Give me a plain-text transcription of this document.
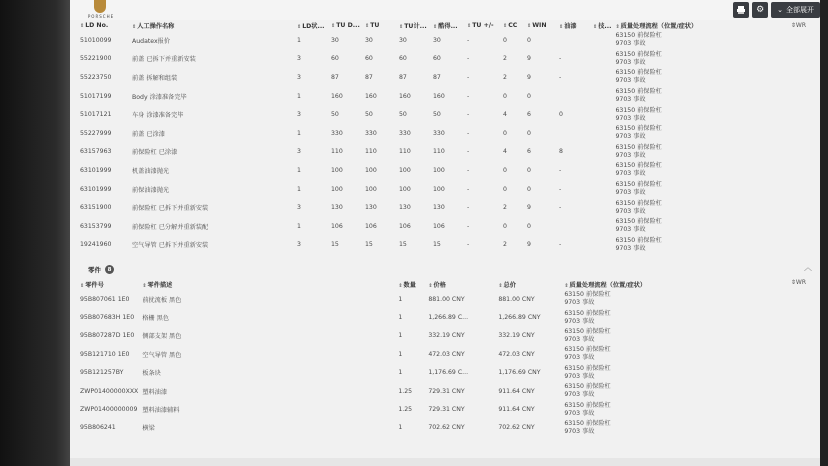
PORSCHE
⚙ ⌄ 全部展开
⇕LD No.	⇕人工操作名称	⇕LD状...	⇕TU D...	⇕TU	⇕TU计...	⇕酷得...	⇕TU +/-	⇕CC	⇕WIN	⇕油漆	⇕技...	⇕质量处理流程（位置/症状）
51010099	Audatex报价	1	30	30	30	30	-	0	0			63150 前保险杠
9703 事故

55221900	前盖 已拆下并重新安装	3	60	60	60	60	-	2	9	-		63150 前保险杠
9703 事故

55223750	前盖 拆解和组装	3	87	87	87	87	-	2	9	-		63150 前保险杠
9703 事故

51017199	Body 涂漆准备完毕	1	160	160	160	160	-	0	0			63150 前保险杠
9703 事故

51017121	车身 涂漆准备完毕	3	50	50	50	50	-	4	6	0		63150 前保险杠
9703 事故

55227999	前盖 已涂漆	1	330	330	330	330	-	0	0			63150 前保险杠
9703 事故

63157963	前保险杠 已涂漆	3	110	110	110	110	-	4	6	8		63150 前保险杠
9703 事故

63101999	机盖油漆抛光	1	100	100	100	100	-	0	0	-		63150 前保险杠
9703 事故

63101999	前保油漆抛光	1	100	100	100	100	-	0	0	-		63150 前保险杠
9703 事故

63151900	前保险杠 已拆下并重新安装	3	130	130	130	130	-	2	9	-		63150 前保险杠
9703 事故

63153799	前保险杠 已分解并重新装配	1	106	106	106	106	-	0	0			63150 前保险杠
9703 事故

19241960	空气导管 已拆下并重新安装	3	15	15	15	15	-	2	9	-		63150 前保险杠
9703 事故
⇕WR
零件	8	︿
⇕零件号	⇕零件描述	⇕数量	⇕价格	⇕总价	⇕质量处理流程（位置/症状）
95B807061 1E0	前扰流板 黑色	1	881.00 CNY	881.00 CNY	63150 前保险杠
9703 事故

95B807683H 1E0	格栅 黑色	1	1,266.89 C...	1,266.89 CNY	63150 前保险杠
9703 事故

95B807287D 1E0	侧部支架 黑色	1	332.19 CNY	332.19 CNY	63150 前保险杠
9703 事故

95B121710 1E0	空气导管 黑色	1	472.03 CNY	472.03 CNY	63150 前保险杠
9703 事故

95B121257BY	板条块	1	1,176.69 C...	1,176.69 CNY	63150 前保险杠
9703 事故

ZWP01400000XXX	塑料油漆	1.25	729.31 CNY	911.64 CNY	63150 前保险杠
9703 事故

ZWP01400000009	塑料油漆辅料	1.25	729.31 CNY	911.64 CNY	63150 前保险杠
9703 事故

95B806241	横梁	1	702.62 CNY	702.62 CNY	63150 前保险杠
9703 事故
⇕WR
